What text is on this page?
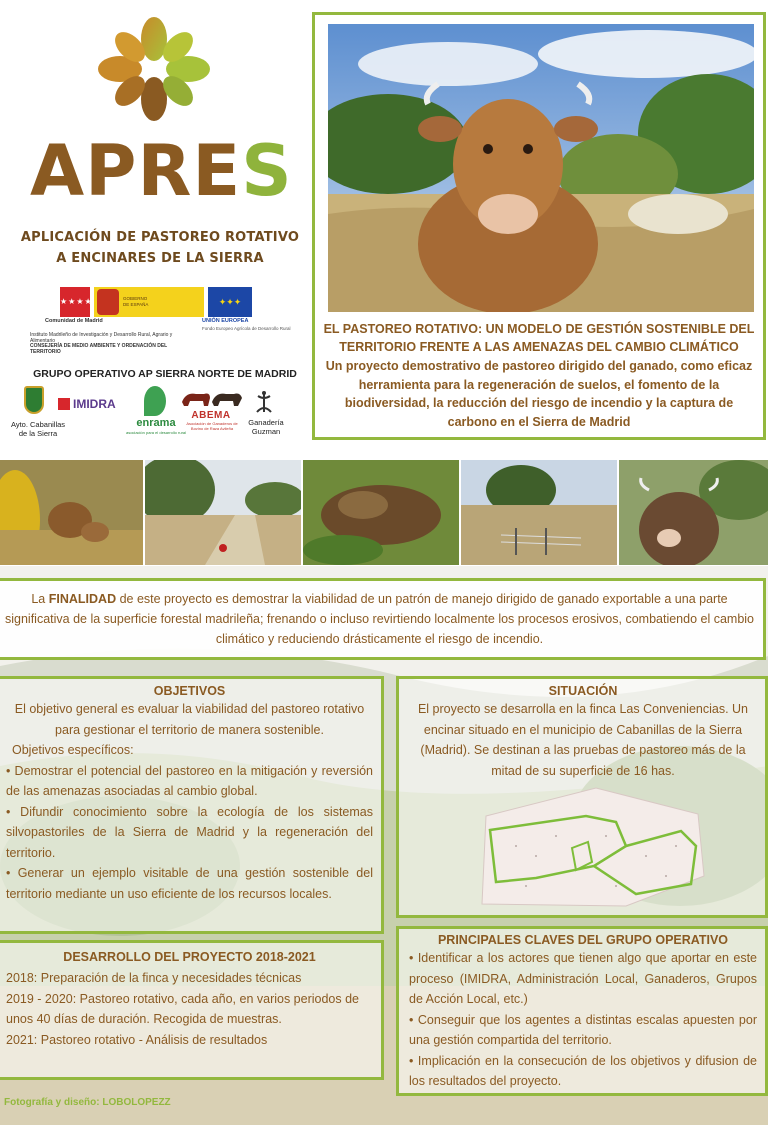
APRES
APLICACIÓN DE PASTOREO ROTATIVO
A ENCINARES DE LA SIERRA
★★★★	GOBIERNO
DE ESPAÑA	✦✦✦
Comunidad de Madrid	UNIÓN EUROPEA
Fondo Europeo Agrícola de Desarrollo Rural
Instituto Madrileño de Investigación y Desarrollo Rural, Agrario y Alimentario
CONSEJERÍA DE MEDIO AMBIENTE Y ORDENACIÓN DEL TERRITORIO
GRUPO OPERATIVO AP SIERRA NORTE DE MADRID
Ayto. Cabanillas de la Sierra
IMIDRA
enrama
asociación para el desarrollo rural
ABEMA
Asociación de Ganaderos de Bovino de Raza Avileña
Ganadería Guzman
EL PASTOREO ROTATIVO: UN MODELO DE GESTIÓN SOSTENIBLE DEL TERRITORIO FRENTE A LAS AMENAZAS DEL CAMBIO CLIMÁTICO
Un proyecto demostrativo de pastoreo dirigido del ganado, como eficaz herramienta para la regeneración de suelos, el fomento de la biodiversidad, la reducción del riesgo de incendio y la captura de carbono en el Sierra de Madrid
La FINALIDAD de este proyecto es demostrar la viabilidad de un patrón de manejo dirigido de ganado exportable a una parte significativa de la superficie forestal madrileña; frenando o incluso revirtiendo localmente los procesos erosivos, combatiendo el cambio climático y reduciendo drásticamente el riesgo de incendio.
OBJETIVOS
El objetivo general es evaluar la viabilidad del pastoreo rotativo para gestionar el territorio de manera sostenible.
Objetivos específicos:
• Demostrar el potencial del pastoreo en la mitigación y reversión de las amenazas asociadas al cambio global.
• Difundir conocimiento sobre la ecología de los sistemas silvopastoriles de la Sierra de Madrid y la regeneración del territorio.
• Generar un ejemplo visitable de una gestión sostenible del territorio mediante un uso eficiente de los recursos locales.
SITUACIÓN
El proyecto se desarrolla en la finca Las Conveniencias. Un encinar situado en el municipio de Cabanillas de la Sierra (Madrid). Se destinan a las pruebas de pastoreo más de la mitad de su superficie de 16 has.
DESARROLLO DEL PROYECTO 2018-2021
2018: Preparación de la finca y necesidades técnicas
2019 - 2020: Pastoreo rotativo, cada año, en varios periodos de unos 40 días de duración. Recogida de muestras.
2021: Pastoreo rotativo - Análisis de resultados
PRINCIPALES CLAVES DEL GRUPO OPERATIVO
• Identificar a los actores que tienen algo que aportar en este proceso (IMIDRA, Administración Local, Ganaderos, Grupos de Acción Local, etc.)
• Conseguir que los agentes a distintas escalas apuesten por una gestión compartida del territorio.
• Implicación en la consecución de los objetivos y difusion de los resultados del proyecto.
Fotografía y diseño: LOBOLOPEZZ
